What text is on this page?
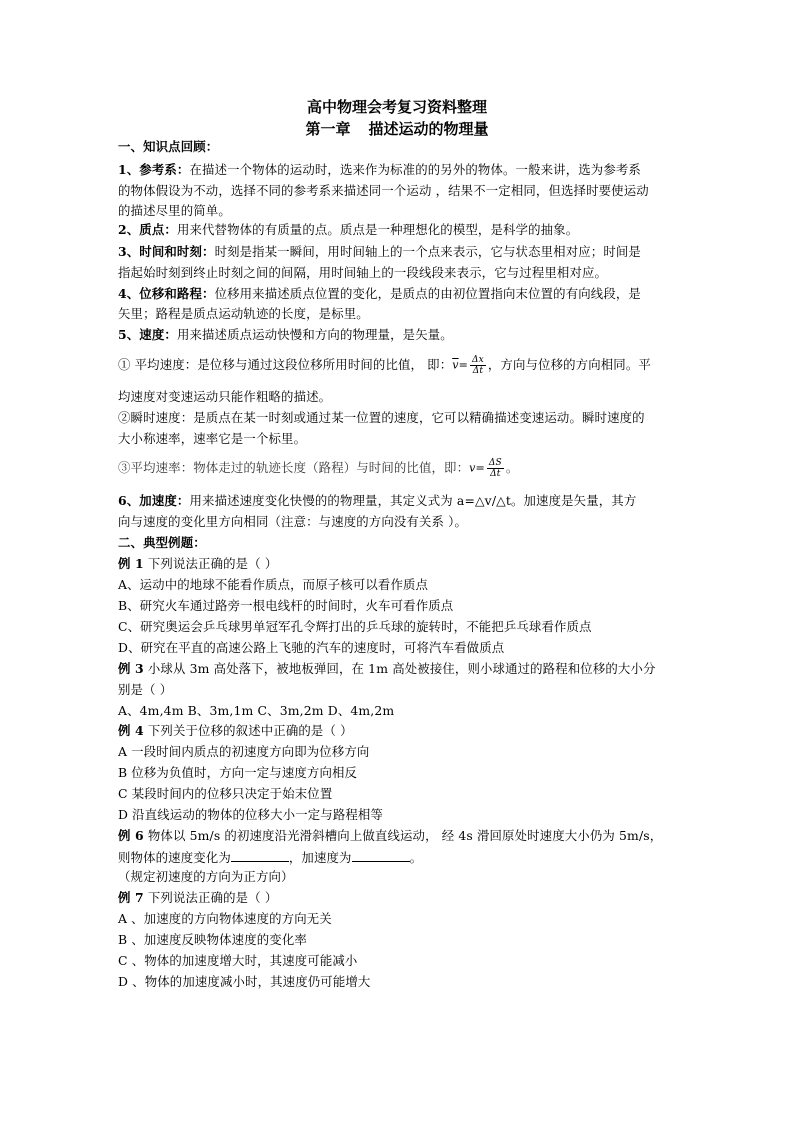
高中物理会考复习资料整理
第一章 描述运动的物理量
一、知识点回顾：
1、参考系：在描述一个物体的运动时，选来作为标准的的另外的物体。一般来讲，选为参考系
的物体假设为不动，选择不同的参考系来描述同一个运动 ，结果不一定相同，但选择时要使运动
的描述尽里的简单。
2、质点：用来代替物体的有质量的点。质点是一种理想化的模型，是科学的抽象。
3、时间和时刻：时刻是指某一瞬间，用时间轴上的一个点来表示，它与状态里相对应；时间是
指起始时刻到终止时刻之间的间隔，用时间轴上的一段线段来表示，它与过程里相对应。
4、位移和路程：位移用来描述质点位置的变化，是质点的由初位置指向末位置的有向线段，是
矢里；路程是质点运动轨迹的长度，是标里。
5、速度：用来描述质点运动快慢和方向的物理量，是矢量。
① 平均速度：是位移与通过这段位移所用时间的比值， 即：$\overline{v}= \frac{\Delta x}{\Delta t}$ ，方向与位移的方向相同。平
均速度对变速运动只能作粗略的描述。
②瞬时速度：是质点在某一时刻或通过某一位置的速度，它可以精确描述变速运动。瞬时速度的
大小称速率，速率它是一个标里。
③平均速率：物体走过的轨迹长度（路程）与时间的比值，即：$v= \frac{\Delta S}{\Delta t}$ 。
6、加速度：用来描述速度变化快慢的的物理量，其定义式为 a=△v/△t。加速度是矢量，其方
向与速度的变化里方向相同（注意：与速度的方向没有关系 ）。
二、典型例题：
例 1 下列说法正确的是（ ）
A、运动中的地球不能看作质点，而原子核可以看作质点
B、研究火车通过路旁一根电线杆的时间时，火车可看作质点
C、研究奥运会乒乓球男单冠军孔令辉打出的乒乓球的旋转时，不能把乒乓球看作质点
D、研究在平直的高速公路上飞驰的汽车的速度时，可将汽车看做质点
例 3 小球从 3m 高处落下，被地板弹回，在 1m 高处被接住，则小球通过的路程和位移的大小分
别是（ ）
A、4m,4m B、3m,1m C、3m,2m D、4m,2m
例 4 下列关于位移的叙述中正确的是（ ）
A 一段时间内质点的初速度方向即为位移方向
B 位移为负值时，方向一定与速度方向相反
C 某段时间内的位移只决定于始末位置
D 沿直线运动的物体的位移大小一定与路程相等
例 6 物体以 5m/s 的初速度沿光滑斜槽向上做直线运动， 经 4s 滑回原处时速度大小仍为 5m/s，
则物体的速度变化为	，加速度为	。
（规定初速度的方向为正方向）
例 7 下列说法正确的是（ ）
A 、加速度的方向物体速度的方向无关
B 、加速度反映物体速度的变化率
C 、物体的加速度增大时，其速度可能减小
D 、物体的加速度减小时，其速度仍可能增大
